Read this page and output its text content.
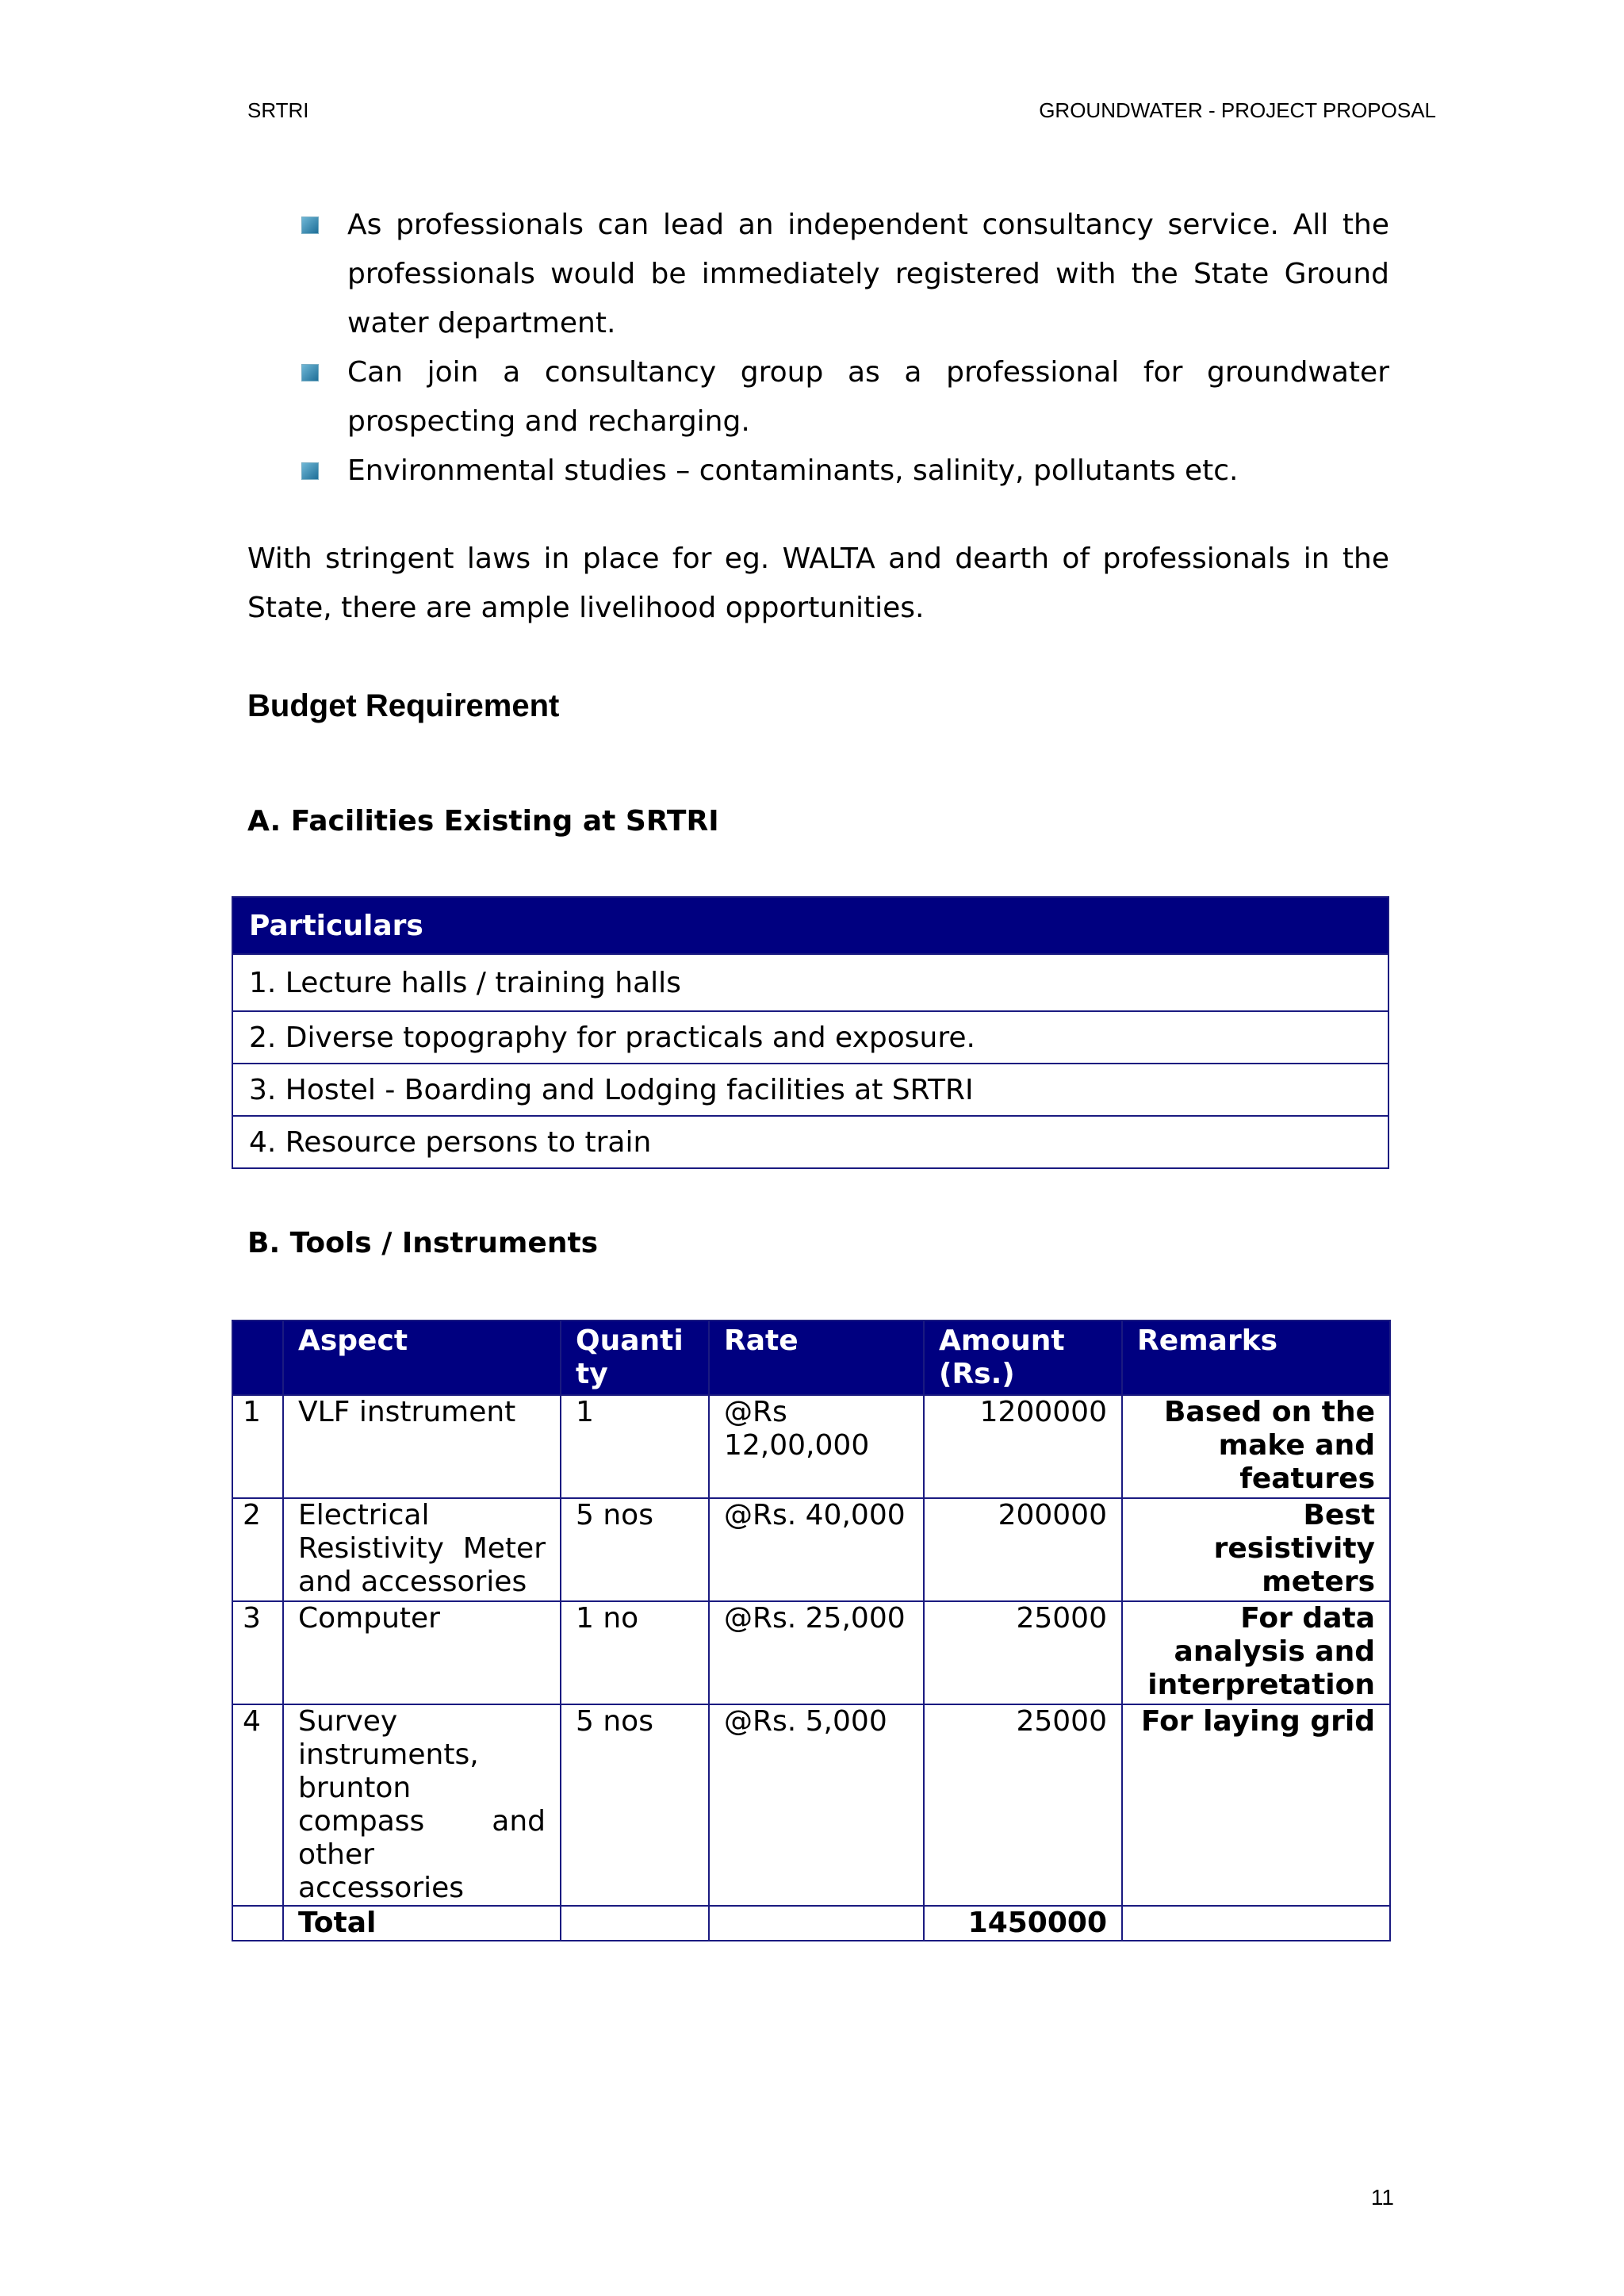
SRTRI	GROUNDWATER - PROJECT PROPOSAL
As professionals can lead an independent consultancy service. All the professionals would be immediately registered with the State Ground water department.
Can join a consultancy group as a professional for groundwater prospecting and recharging.
Environmental studies – contaminants, salinity, pollutants etc.

With stringent laws in place for eg. WALTA and dearth of professionals in the State, there are ample livelihood opportunities.

Budget Requirement
A. Facilities Existing at SRTRI
Particulars
1. Lecture halls / training halls
2. Diverse topography for practicals and exposure.
3. Hostel - Boarding and Lodging facilities at SRTRI
4. Resource persons to train
B. Tools / Instruments
	Aspect	Quantity	Rate	Amount (Rs.)	Remarks
1	VLF instrument	1	@Rs 12,00,000	1200000	Based on the make and features
2	Electrical Resistivity Meter and accessories	5 nos	@Rs. 40,000	200000	Best resistivity meters
3	Computer	1 no	@Rs. 25,000	25000	For data analysis and interpretation
4	Survey instruments, brunton compass and other accessories	5 nos	@Rs. 5,000	25000	For laying grid
	Total			1450000	
11
